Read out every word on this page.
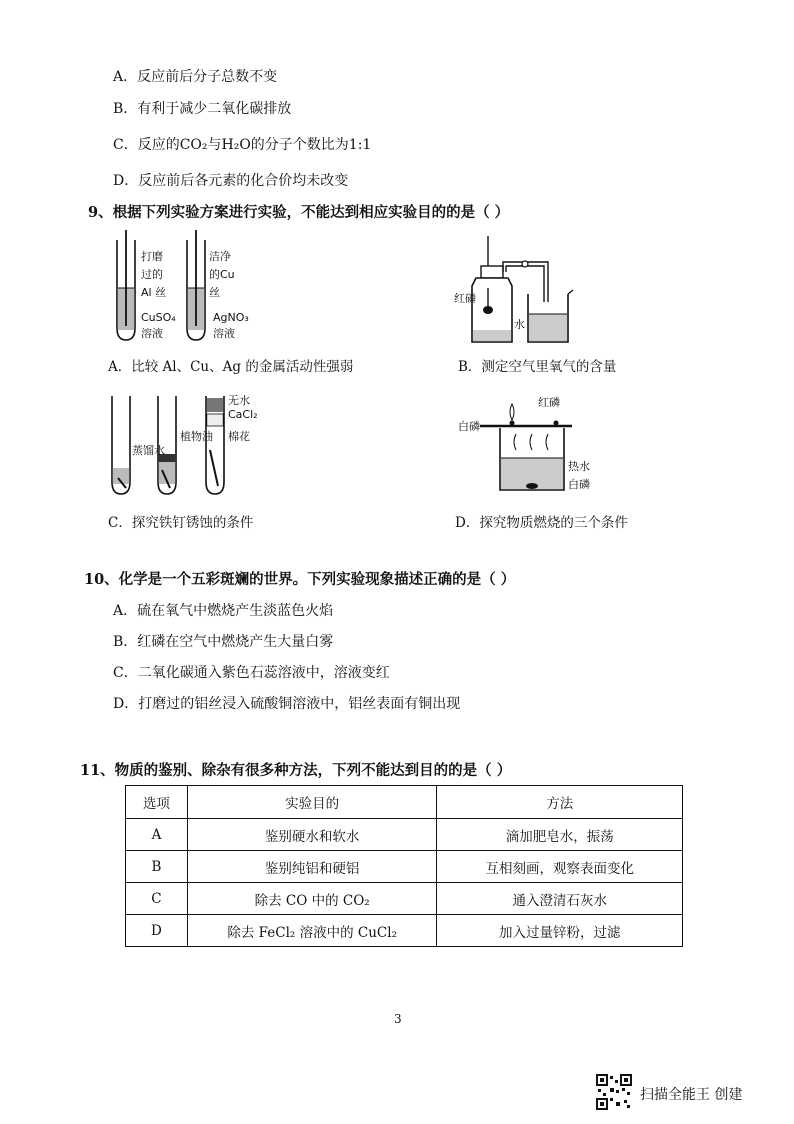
A．反应前后分子总数不变
B．有利于减少二氧化碳排放
C．反应的CO₂与H₂O的分子个数比为1:1
D．反应前后各元素的化合价均未改变
9、根据下列实验方案进行实验，不能达到相应实验目的的是（ ）
打磨
过的
Al 丝
CuSO₄
溶液
洁净
的Cu
丝
AgNO₃
溶液
A．比较 Al、Cu、Ag 的金属活动性强弱
红磷
水
B．测定空气里氧气的含量
蒸馏水
植物油
无水
CaCl₂
棉花
C．探究铁钉锈蚀的条件
红磷
白磷
热水
白磷
D．探究物质燃烧的三个条件
10、化学是一个五彩斑斓的世界。下列实验现象描述正确的是（ ）
A．硫在氧气中燃烧产生淡蓝色火焰
B．红磷在空气中燃烧产生大量白雾
C．二氧化碳通入紫色石蕊溶液中，溶液变红
D．打磨过的铝丝浸入硫酸铜溶液中，铝丝表面有铜出现
11、物质的鉴别、除杂有很多种方法，下列不能达到目的的是（ ）
选项	实验目的	方法
A	鉴别硬水和软水	滴加肥皂水，振荡
B	鉴别纯铝和硬铝	互相刻画，观察表面变化
C	除去 CO 中的 CO₂	通入澄清石灰水
D	除去 FeCl₂ 溶液中的 CuCl₂	加入过量锌粉，过滤
3
扫描全能王 创建
